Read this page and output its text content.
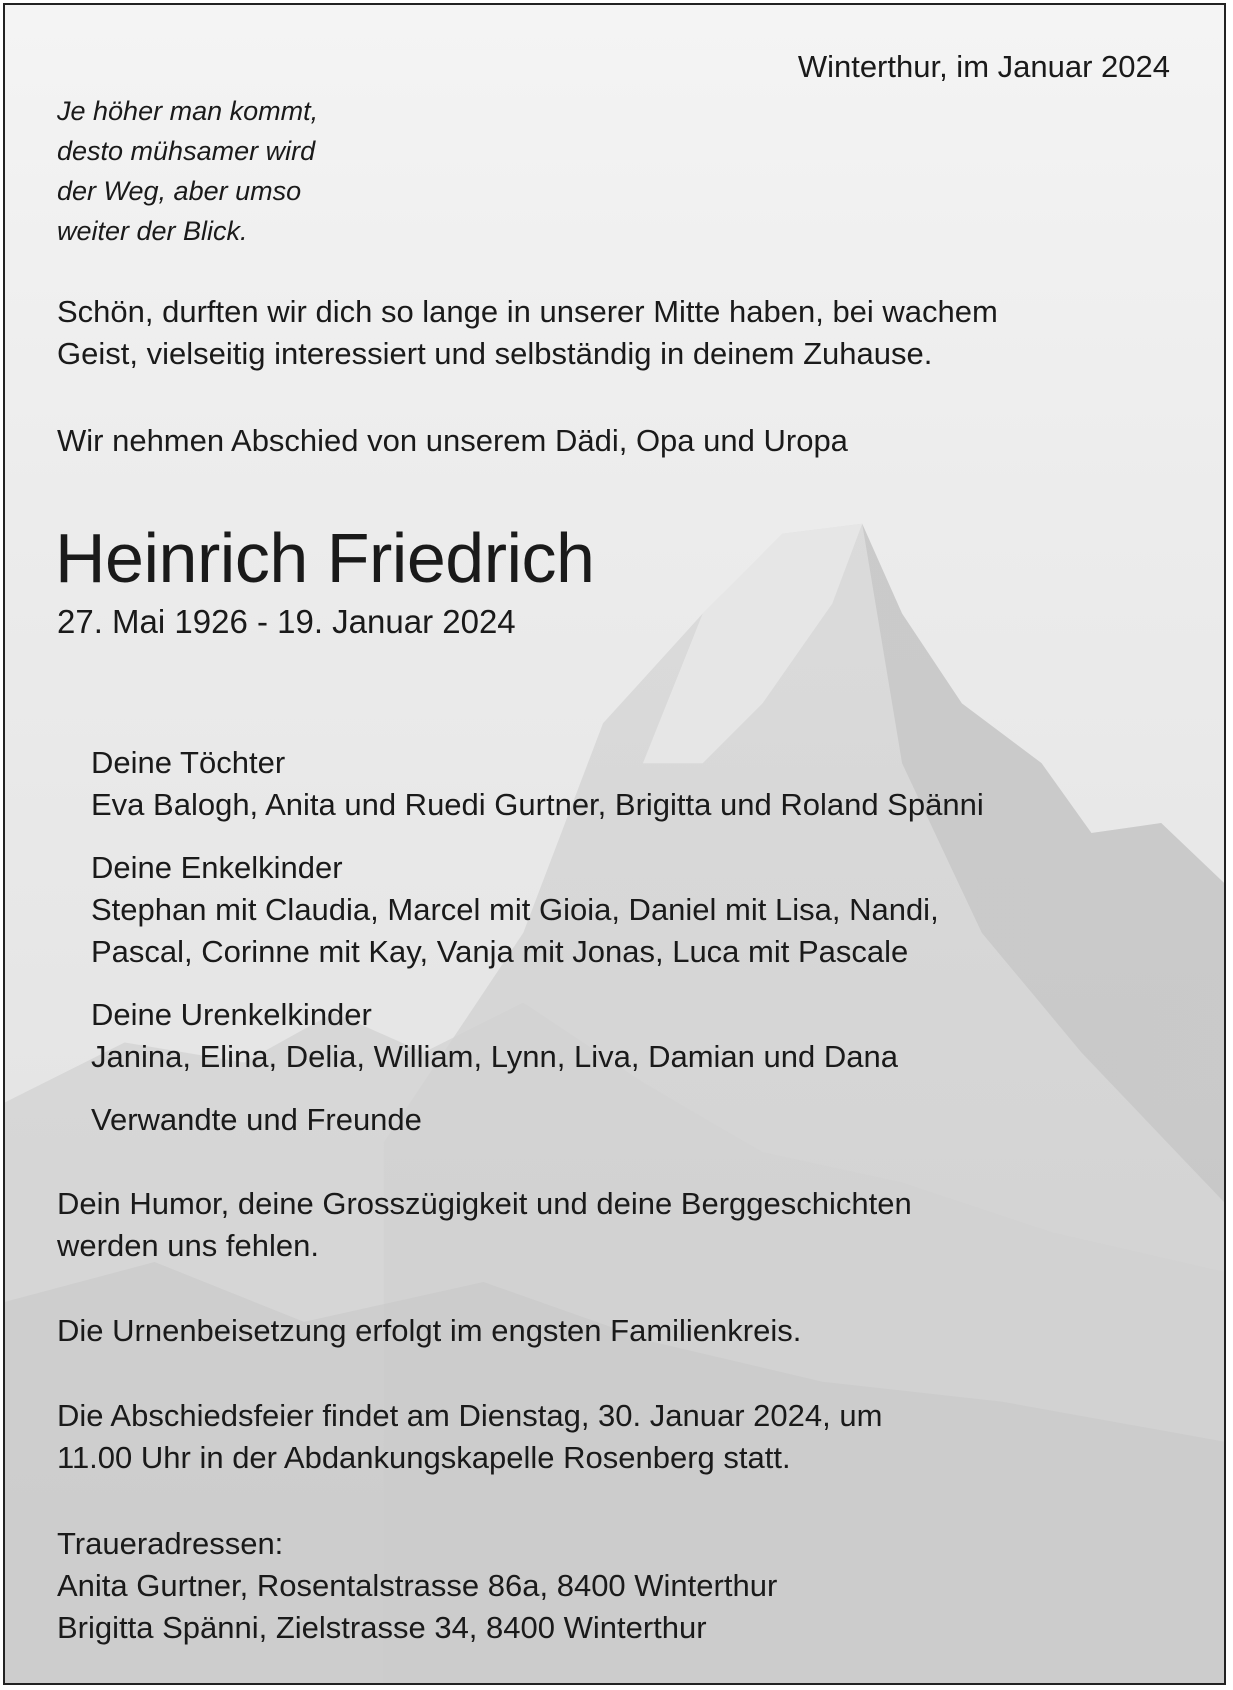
Winterthur, im Januar 2024
Je höher man kommt,
desto mühsamer wird
der Weg, aber umso
weiter der Blick.
Schön, durften wir dich so lange in unserer Mitte haben, bei wachem
Geist, vielseitig interessiert und selbständig in deinem Zuhause.
Wir nehmen Abschied von unserem Dädi, Opa und Uropa
Heinrich Friedrich
27. Mai 1926 - 19. Januar 2024
Deine Töchter
Eva Balogh, Anita und Ruedi Gurtner, Brigitta und Roland Spänni
Deine Enkelkinder
Stephan mit Claudia, Marcel mit Gioia, Daniel mit Lisa, Nandi,
Pascal, Corinne mit Kay, Vanja mit Jonas, Luca mit Pascale
Deine Urenkelkinder
Janina, Elina, Delia, William, Lynn, Liva, Damian und Dana
Verwandte und Freunde
Dein Humor, deine Grosszügigkeit und deine Berggeschichten
werden uns fehlen.
Die Urnenbeisetzung erfolgt im engsten Familienkreis.
Die Abschiedsfeier findet am Dienstag, 30. Januar 2024, um
11.00 Uhr in der Abdankungskapelle Rosenberg statt.
Traueradressen:
Anita Gurtner, Rosentalstrasse 86a, 8400 Winterthur
Brigitta Spänni, Zielstrasse 34, 8400 Winterthur
